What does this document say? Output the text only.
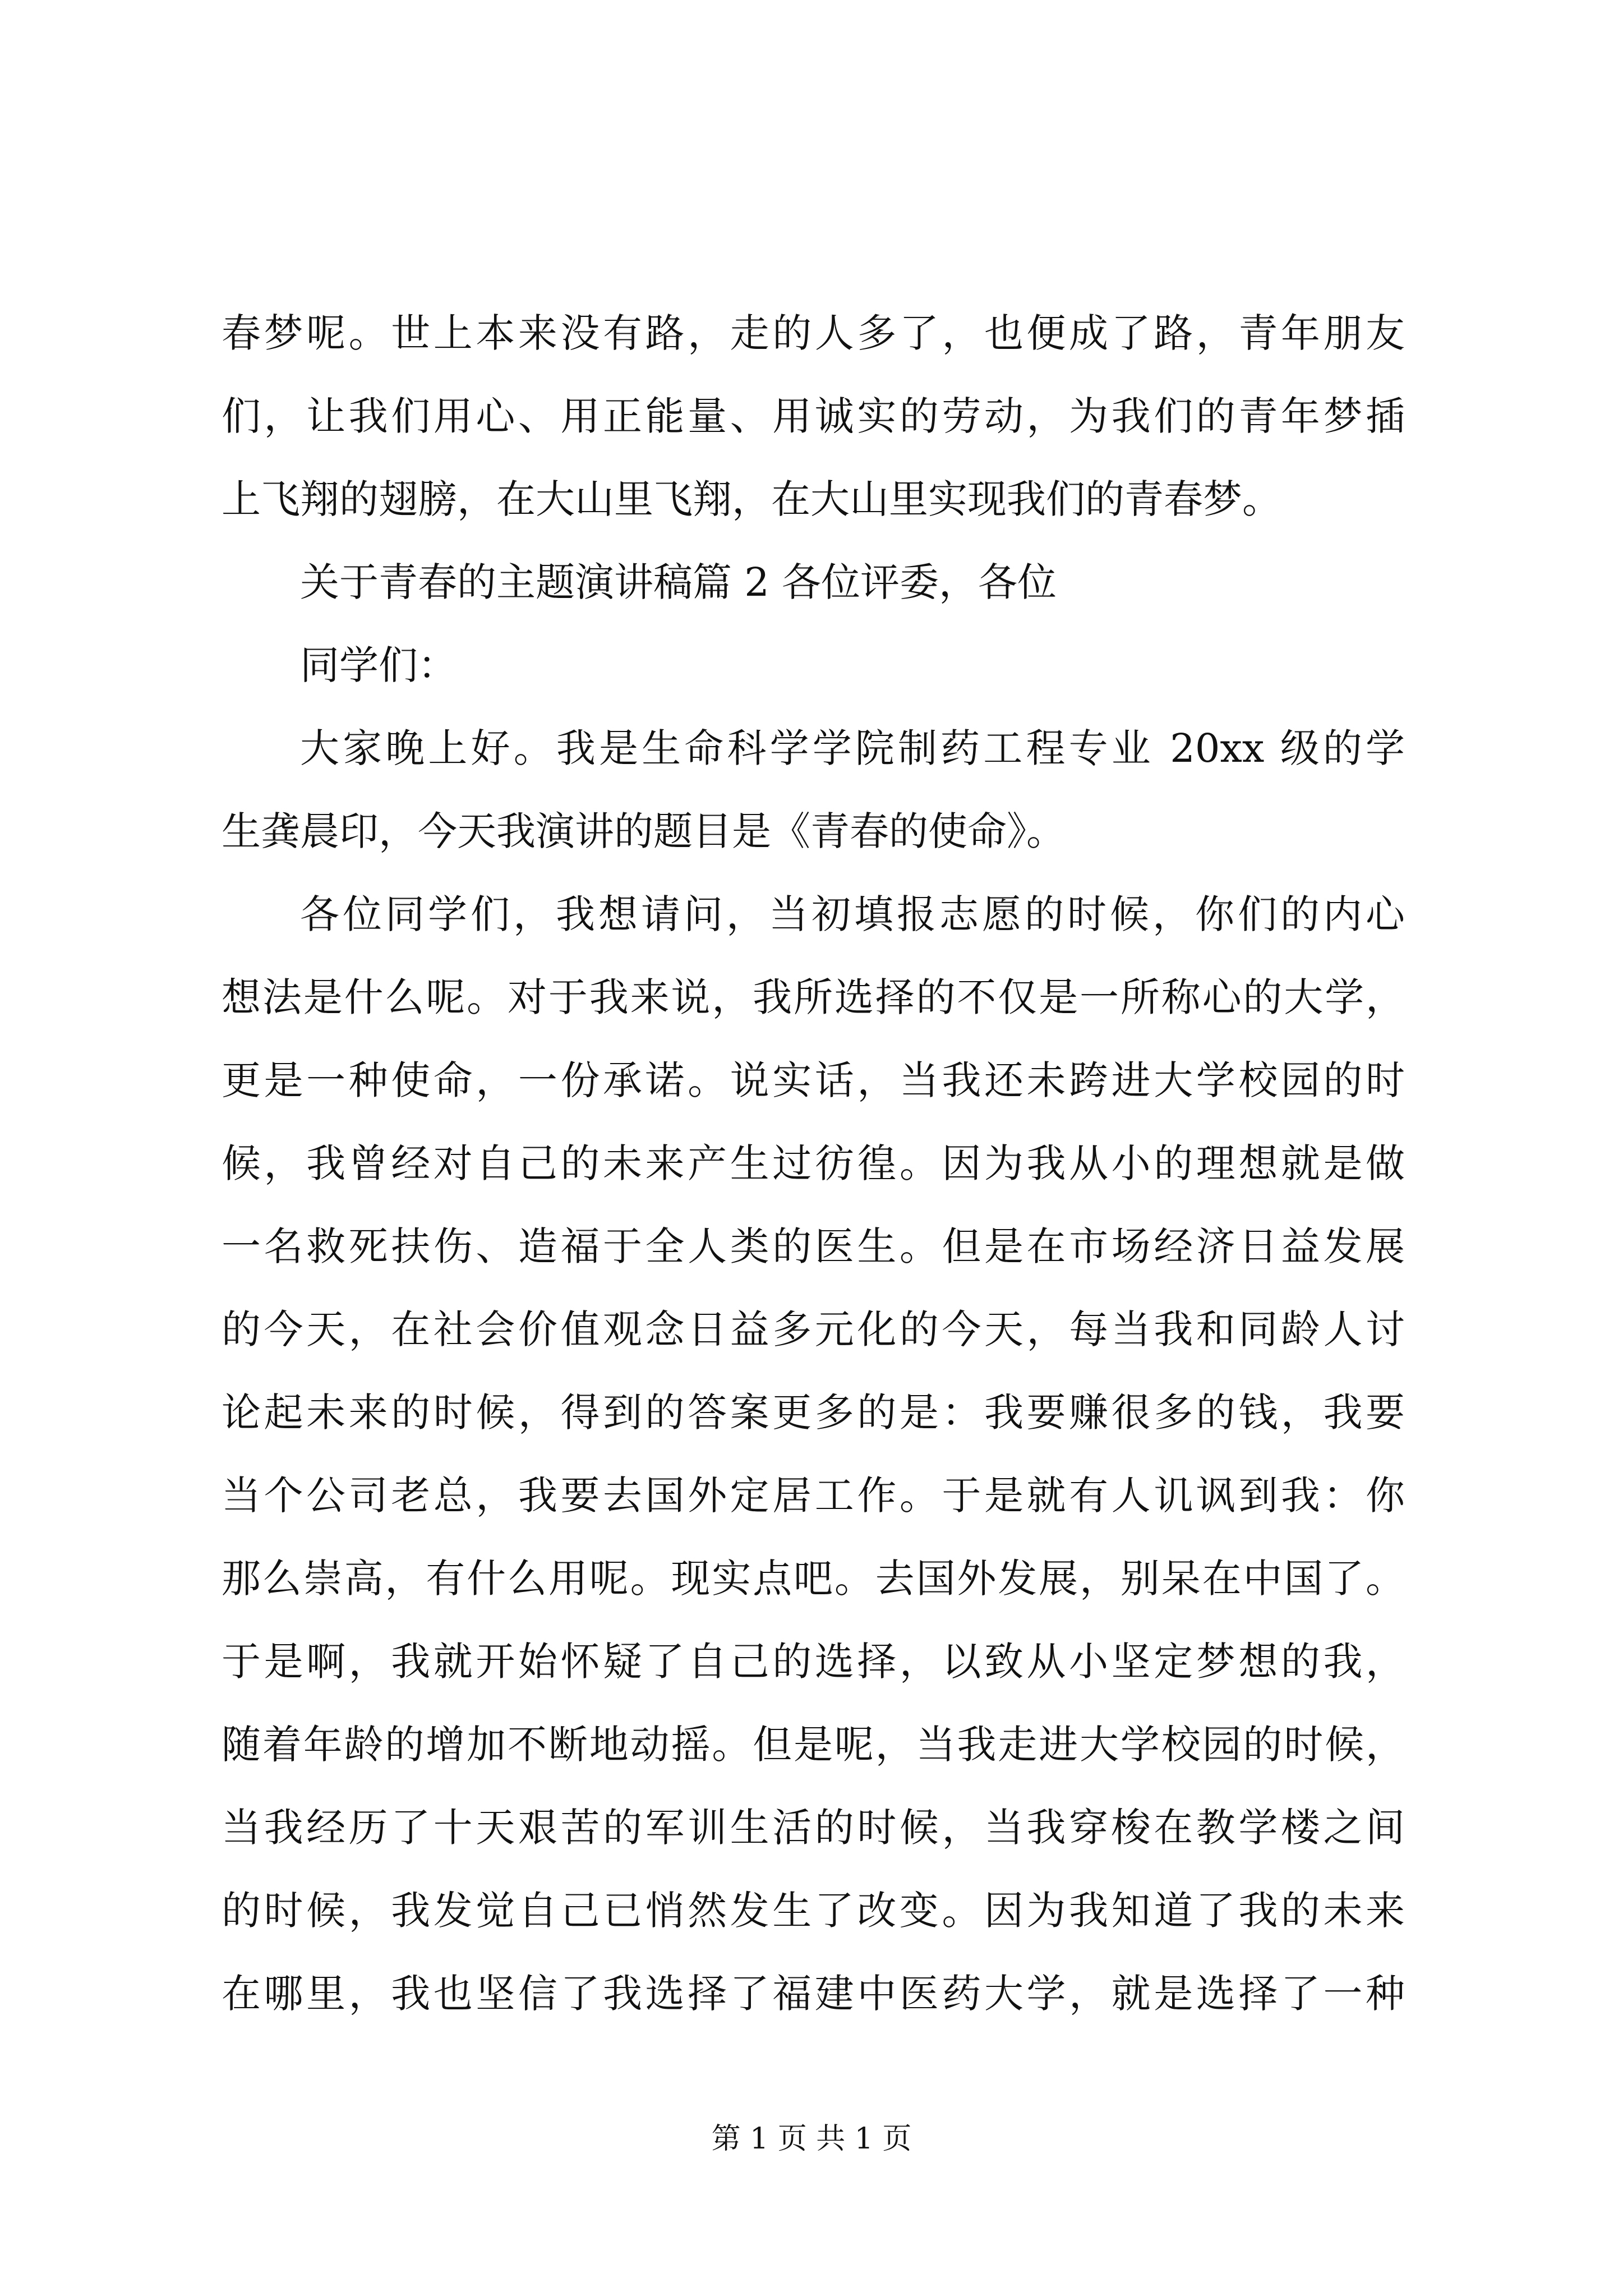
春梦呢。世上本来没有路，走的人多了，也便成了路，青年朋友
们，让我们用心、用正能量、用诚实的劳动，为我们的青年梦插
上飞翔的翅膀，在大山里飞翔，在大山里实现我们的青春梦。
关于青春的主题演讲稿篇 2 各位评委，各位
同学们：
大家晚上好。我是生命科学学院制药工程专业 20xx 级的学
生龚晨印，今天我演讲的题目是《青春的使命》。
各位同学们，我想请问，当初填报志愿的时候，你们的内心
想法是什么呢。对于我来说，我所选择的不仅是一所称心的大学，
更是一种使命，一份承诺。说实话，当我还未跨进大学校园的时
候，我曾经对自己的未来产生过彷徨。因为我从小的理想就是做
一名救死扶伤、造福于全人类的医生。但是在市场经济日益发展
的今天，在社会价值观念日益多元化的今天，每当我和同龄人讨
论起未来的时候，得到的答案更多的是：我要赚很多的钱，我要
当个公司老总，我要去国外定居工作。于是就有人讥讽到我：你
那么崇高，有什么用呢。现实点吧。去国外发展，别呆在中国了。
于是啊，我就开始怀疑了自己的选择，以致从小坚定梦想的我，
随着年龄的增加不断地动摇。但是呢，当我走进大学校园的时候，
当我经历了十天艰苦的军训生活的时候，当我穿梭在教学楼之间
的时候，我发觉自己已悄然发生了改变。因为我知道了我的未来
在哪里，我也坚信了我选择了福建中医药大学，就是选择了一种
第 1 页 共 1 页
